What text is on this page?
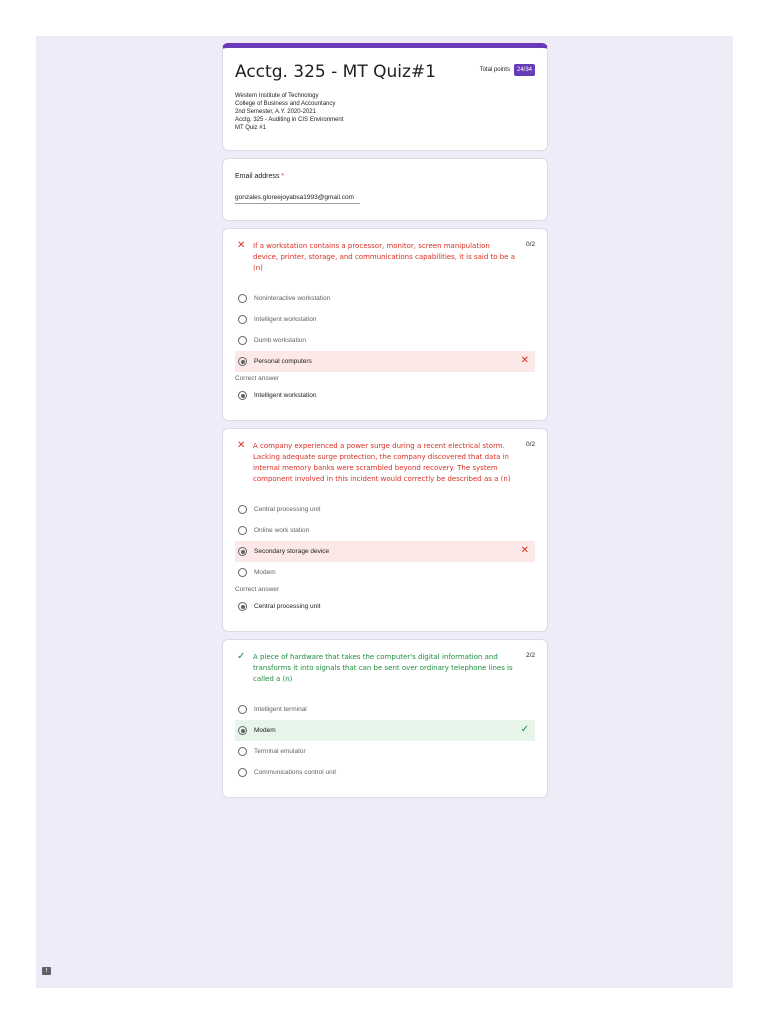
Acctg. 325 - MT Quiz#1	Total points	24/34
Western Institute of Technology
College of Business and Accountancy
2nd Semester, A.Y. 2020-2021
Acctg. 325 - Auditing in CIS Environment
MT Quiz #1
Email address *
gonzales.gloreejoyabsa1993@gmail.com
✕	If a workstation contains a processor, monitor, screen manipulation device, printer, storage, and communications capabilities, it is said to be a (n)
0/2
Noninteractive workstation
Intelligent workstation
Dumb workstation
Personal computers	✕
Correct answer
Intelligent workstation
✕	A company experienced a power surge during a recent electrical storm. Lacking adequate surge protection, the company discovered that data in internal memory banks were scrambled beyond recovery. The system component involved in this incident would correctly be described as a (n)
0/2
Central processing unit
Online work station
Secondary storage device	✕
Modem
Correct answer
Central processing unit
✓	A piece of hardware that takes the computer's digital information and transforms it into signals that can be sent over ordinary telephone lines is called a (n)
2/2
Intelligent terminal
Modem	✓
Terminal emulator
Communications control unit
!
